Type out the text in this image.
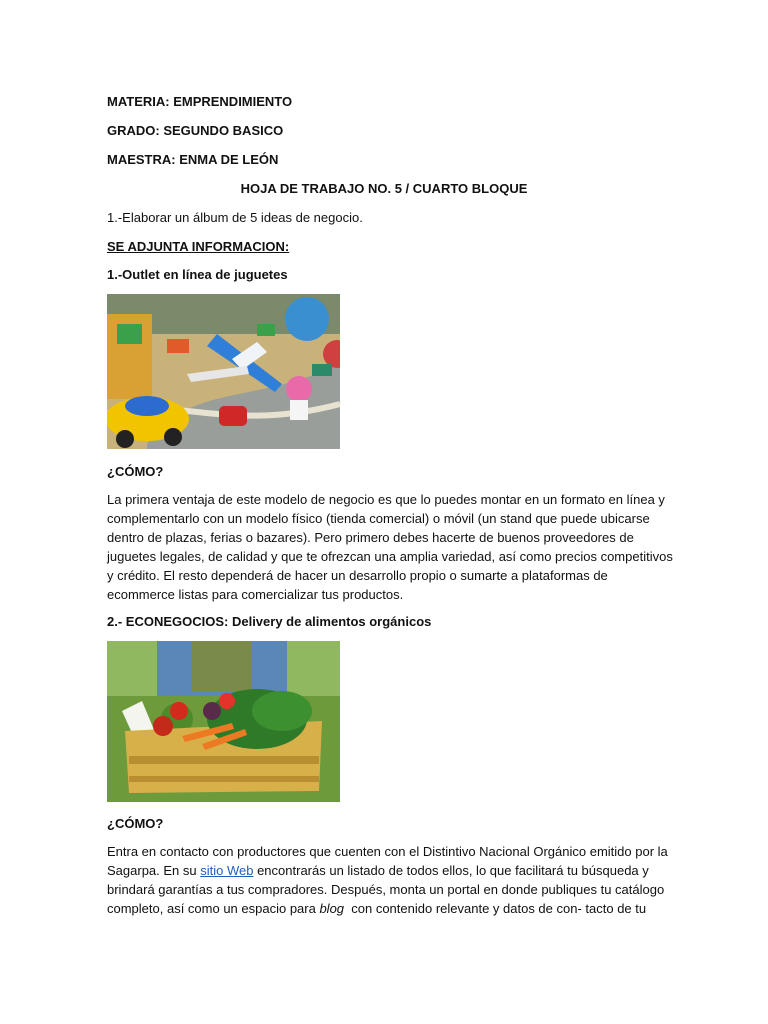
MATERIA: EMPRENDIMIENTO
GRADO: SEGUNDO BASICO
MAESTRA: ENMA DE LEÓN
HOJA DE TRABAJO NO. 5 / CUARTO BLOQUE
1.-Elaborar un álbum de 5 ideas de negocio.
SE ADJUNTA INFORMACION:
1.-Outlet en línea de juguetes
¿CÓMO?
La primera ventaja de este modelo de negocio es que lo puedes montar en un formato en línea y
complementarlo con un modelo físico (tienda comercial) o móvil (un stand que puede ubicarse
dentro de plazas, ferias o bazares). Pero primero debes hacerte de buenos proveedores de
juguetes legales, de calidad y que te ofrezcan una amplia variedad, así como precios competitivos
y crédito. El resto dependerá de hacer un desarrollo propio o sumarte a plataformas de
ecommerce listas para comercializar tus productos.
2.- ECONEGOCIOS: Delivery de alimentos orgánicos
¿CÓMO?
Entra en contacto con productores que cuenten con el Distintivo Nacional Orgánico emitido por la
Sagarpa. En su sitio Web encontrarás un listado de todos ellos, lo que facilitará tu búsqueda y
brindará garantías a tus compradores. Después, monta un portal en donde publiques tu catálogo
completo, así como un espacio para blog  con contenido relevante y datos de con- tacto de tu
